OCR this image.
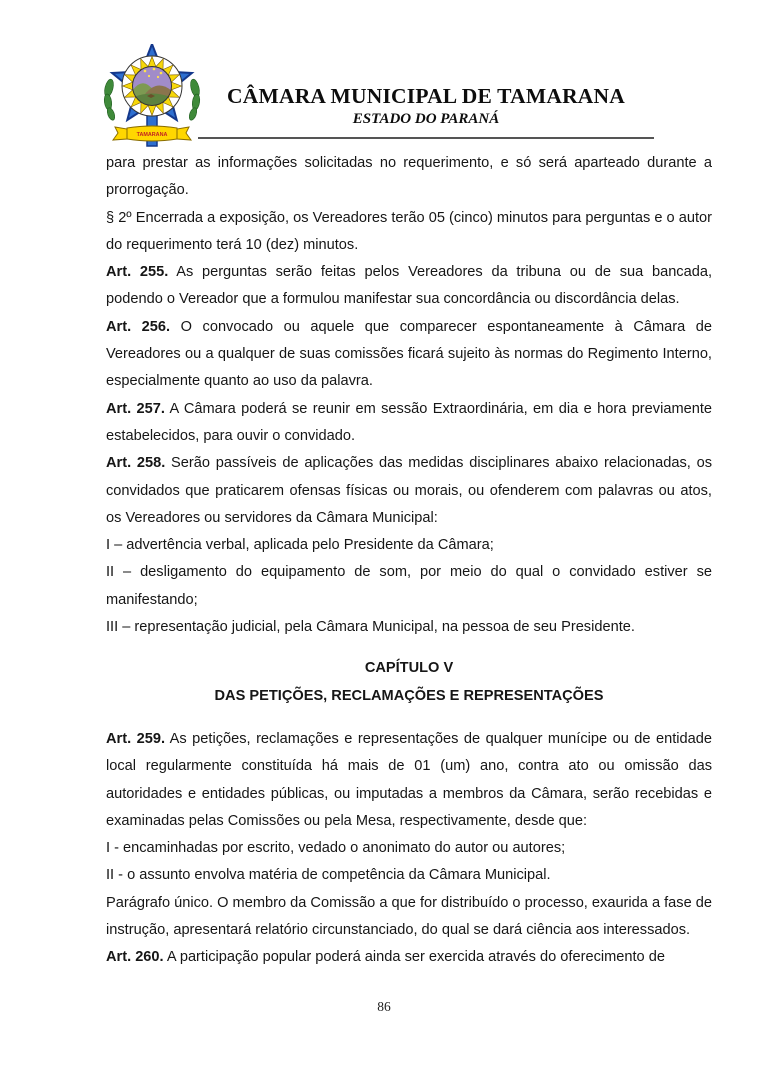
TAMARANA
CÂMARA MUNICIPAL DE TAMARANA
ESTADO DO PARANÁ

para prestar as informações solicitadas no requerimento, e só será aparteado durante a prorrogação.

§ 2º Encerrada a exposição, os Vereadores terão 05 (cinco) minutos para perguntas e o autor do requerimento terá 10 (dez) minutos.

Art. 255. As perguntas serão feitas pelos Vereadores da tribuna ou de sua bancada, podendo o Vereador que a formulou manifestar sua concordância ou discordância delas.

Art. 256. O convocado ou aquele que comparecer espontaneamente à Câmara de Vereadores ou a qualquer de suas comissões ficará sujeito às normas do Regimento Interno, especialmente quanto ao uso da palavra.

Art. 257. A Câmara poderá se reunir em sessão Extraordinária, em dia e hora previamente estabelecidos, para ouvir o convidado.

Art. 258. Serão passíveis de aplicações das medidas disciplinares abaixo relacionadas, os convidados que praticarem ofensas físicas ou morais, ou ofenderem com palavras ou atos, os Vereadores ou servidores da Câmara Municipal:

I – advertência verbal, aplicada pelo Presidente da Câmara;

II – desligamento do equipamento de som, por meio do qual o convidado estiver se manifestando;

III – representação judicial, pela Câmara Municipal, na pessoa de seu Presidente.

CAPÍTULO V
DAS PETIÇÕES, RECLAMAÇÕES E REPRESENTAÇÕES

Art. 259. As petições, reclamações e representações de qualquer munícipe ou de entidade local regularmente constituída há mais de 01 (um) ano, contra ato ou omissão das autoridades e entidades públicas, ou imputadas a membros da Câmara, serão recebidas e examinadas pelas Comissões ou pela Mesa, respectivamente, desde que:

I - encaminhadas por escrito, vedado o anonimato do autor ou autores;

II - o assunto envolva matéria de competência da Câmara Municipal.

Parágrafo único. O membro da Comissão a que for distribuído o processo, exaurida a fase de instrução, apresentará relatório circunstanciado, do qual se dará ciência aos interessados.

Art. 260. A participação popular poderá ainda ser exercida através do oferecimento de

86
